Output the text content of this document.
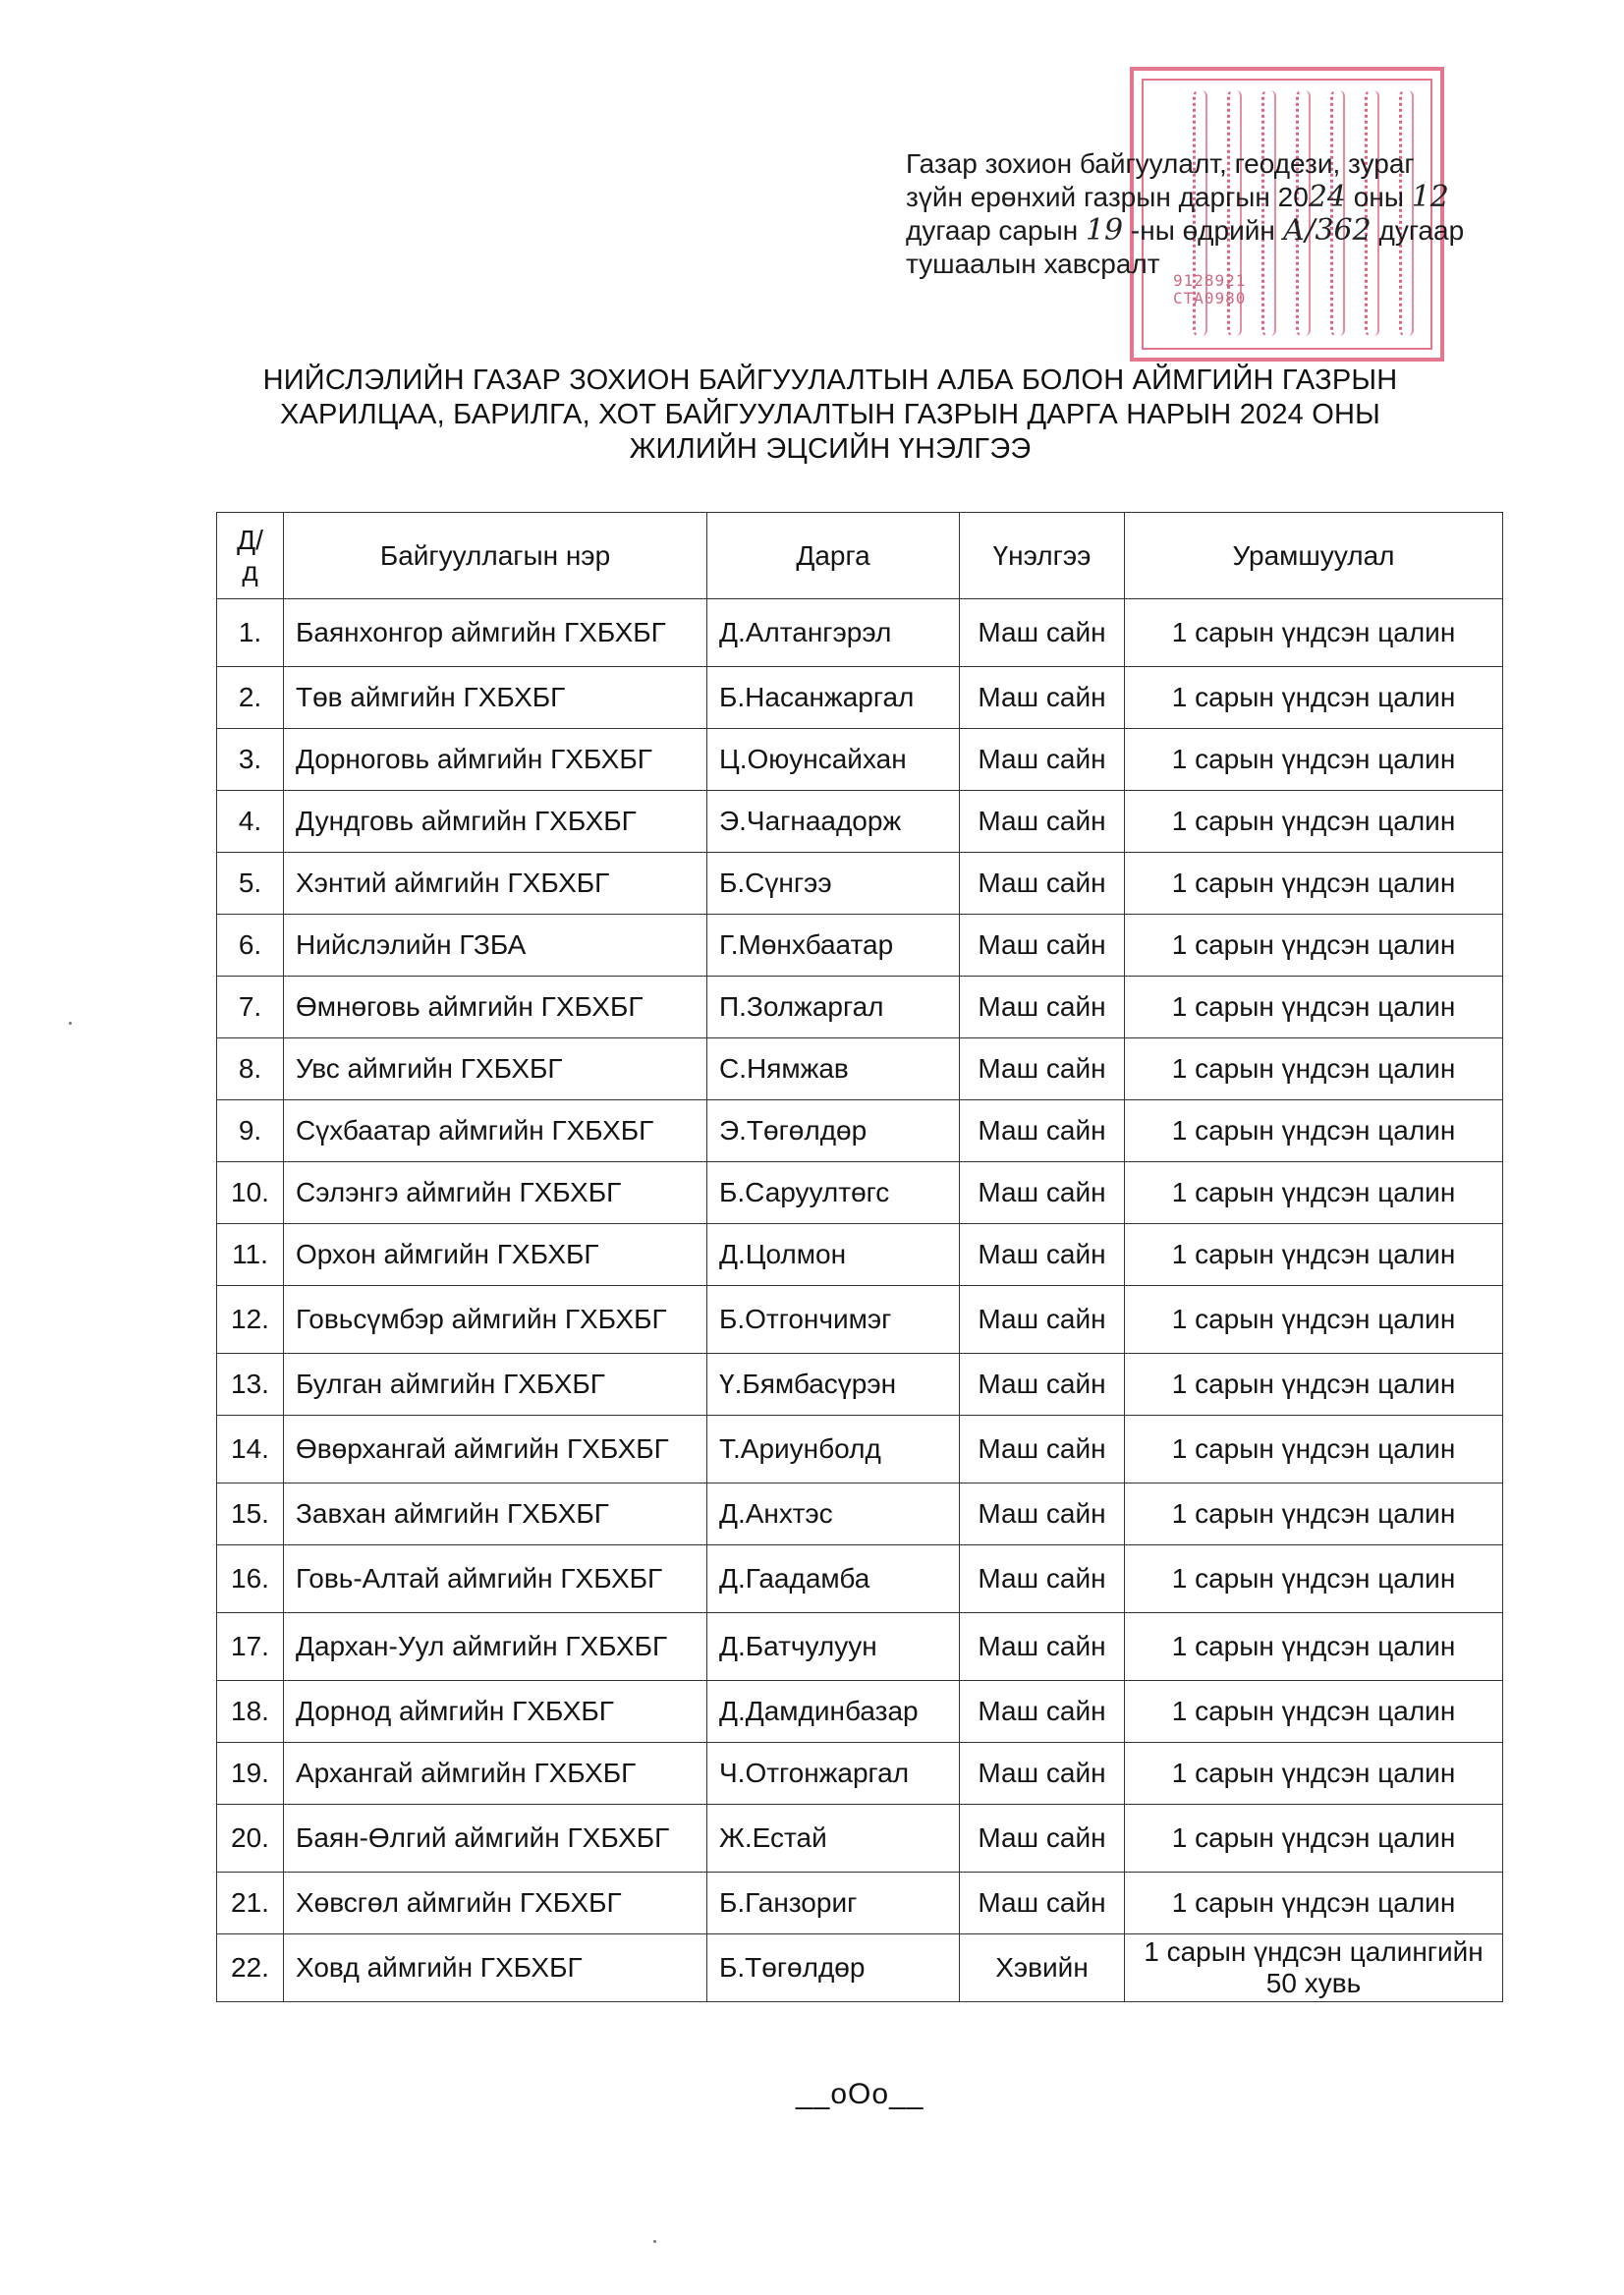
9128921
СТА0980
Газар зохион байгуулалт, геодези, зураг
зүйн ерөнхий газрын даргын 2024 оны 12
дугаар сарын 19 -ны өдрийн А/362 дугаар
тушаалын хавсралт
НИЙСЛЭЛИЙН ГАЗАР ЗОХИОН БАЙГУУЛАЛТЫН АЛБА БОЛОН АЙМГИЙН ГАЗРЫН
ХАРИЛЦАА, БАРИЛГА, ХОТ БАЙГУУЛАЛТЫН ГАЗРЫН ДАРГА НАРЫН 2024 ОНЫ
ЖИЛИЙН ЭЦСИЙН ҮНЭЛГЭЭ
Д/д	Байгууллагын нэр	Дарга	Үнэлгээ	Урамшуулал
1.	Баянхонгор аймгийн ГХБХБГ	Д.Алтангэрэл	Маш сайн	1 сарын үндсэн цалин
2.	Төв аймгийн ГХБХБГ	Б.Насанжаргал	Маш сайн	1 сарын үндсэн цалин
3.	Дорноговь аймгийн ГХБХБГ	Ц.Оюунсайхан	Маш сайн	1 сарын үндсэн цалин
4.	Дундговь аймгийн ГХБХБГ	Э.Чагнаадорж	Маш сайн	1 сарын үндсэн цалин
5.	Хэнтий аймгийн ГХБХБГ	Б.Сүнгээ	Маш сайн	1 сарын үндсэн цалин
6.	Нийслэлийн ГЗБА	Г.Мөнхбаатар	Маш сайн	1 сарын үндсэн цалин
7.	Өмнөговь аймгийн ГХБХБГ	П.Золжаргал	Маш сайн	1 сарын үндсэн цалин
8.	Увс аймгийн ГХБХБГ	С.Нямжав	Маш сайн	1 сарын үндсэн цалин
9.	Сүхбаатар аймгийн ГХБХБГ	Э.Төгөлдөр	Маш сайн	1 сарын үндсэн цалин
10.	Сэлэнгэ аймгийн ГХБХБГ	Б.Саруултөгс	Маш сайн	1 сарын үндсэн цалин
11.	Орхон аймгийн ГХБХБГ	Д.Цолмон	Маш сайн	1 сарын үндсэн цалин
12.	Говьсүмбэр аймгийн ГХБХБГ	Б.Отгончимэг	Маш сайн	1 сарын үндсэн цалин
13.	Булган аймгийн ГХБХБГ	Ү.Бямбасүрэн	Маш сайн	1 сарын үндсэн цалин
14.	Өвөрхангай аймгийн ГХБХБГ	Т.Ариунболд	Маш сайн	1 сарын үндсэн цалин
15.	Завхан аймгийн ГХБХБГ	Д.Анхтэс	Маш сайн	1 сарын үндсэн цалин
16.	Говь-Алтай аймгийн ГХБХБГ	Д.Гаадамба	Маш сайн	1 сарын үндсэн цалин
17.	Дархан-Уул аймгийн ГХБХБГ	Д.Батчулуун	Маш сайн	1 сарын үндсэн цалин
18.	Дорнод аймгийн ГХБХБГ	Д.Дамдинбазар	Маш сайн	1 сарын үндсэн цалин
19.	Архангай аймгийн ГХБХБГ	Ч.Отгонжаргал	Маш сайн	1 сарын үндсэн цалин
20.	Баян-Өлгий аймгийн ГХБХБГ	Ж.Естай	Маш сайн	1 сарын үндсэн цалин
21.	Хөвсгөл аймгийн ГХБХБГ	Б.Ганзориг	Маш сайн	1 сарын үндсэн цалин
22.	Ховд аймгийн ГХБХБГ	Б.Төгөлдөр	Хэвийн	1 сарын үндсэн цалингийн 50 хувь
__oOo__
